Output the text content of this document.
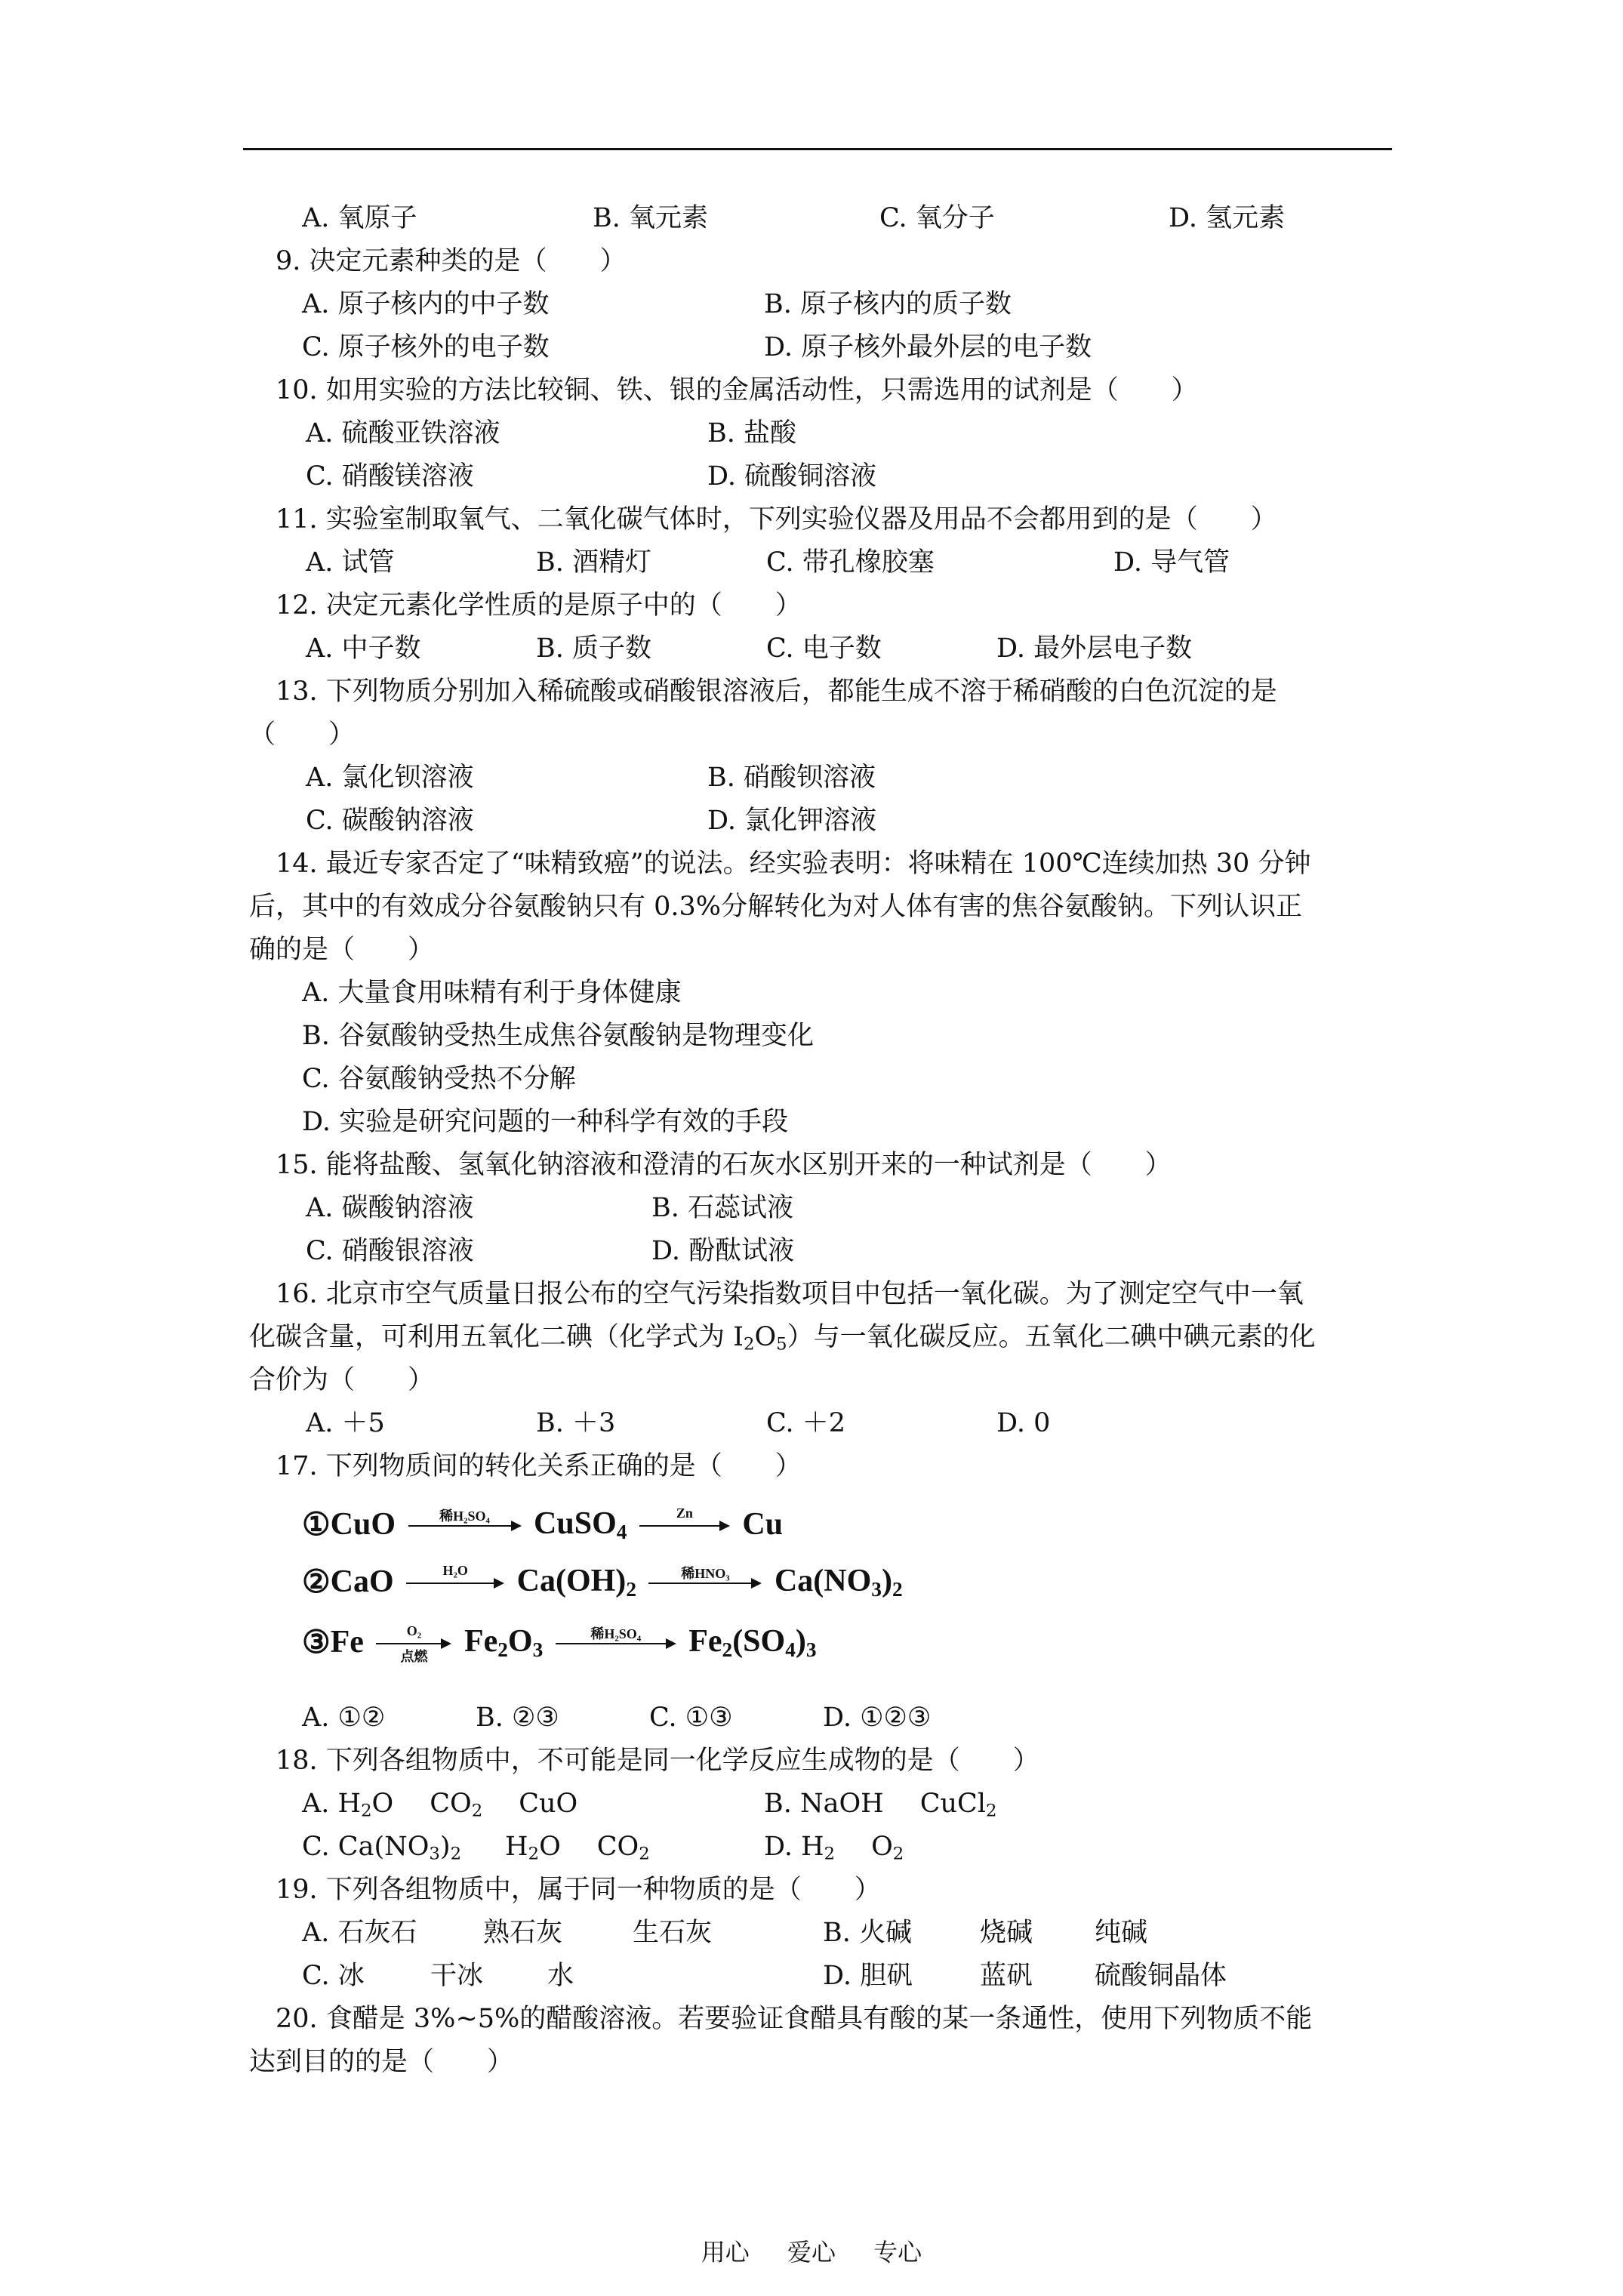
A. 氧原子	B. 氧元素	C. 氧分子	D. 氢元素
9. 决定元素种类的是（　　）
A. 原子核内的中子数	B. 原子核内的质子数
C. 原子核外的电子数	D. 原子核外最外层的电子数
10. 如用实验的方法比较铜、铁、银的金属活动性，只需选用的试剂是（　　）
A. 硫酸亚铁溶液	B. 盐酸
C. 硝酸镁溶液	D. 硫酸铜溶液
11. 实验室制取氧气、二氧化碳气体时，下列实验仪器及用品不会都用到的是（　　）
A. 试管	B. 酒精灯	C. 带孔橡胶塞	D. 导气管
12. 决定元素化学性质的是原子中的（　　）
A. 中子数	B. 质子数	C. 电子数	D. 最外层电子数
13. 下列物质分别加入稀硫酸或硝酸银溶液后，都能生成不溶于稀硝酸的白色沉淀的是
（　　）
A. 氯化钡溶液	B. 硝酸钡溶液
C. 碳酸钠溶液	D. 氯化钾溶液
14. 最近专家否定了“味精致癌”的说法。经实验表明：将味精在 100℃连续加热 30 分钟
后，其中的有效成分谷氨酸钠只有 0.3%分解转化为对人体有害的焦谷氨酸钠。下列认识正
确的是（　　）
A. 大量食用味精有利于身体健康
B. 谷氨酸钠受热生成焦谷氨酸钠是物理变化
C. 谷氨酸钠受热不分解
D. 实验是研究问题的一种科学有效的手段
15. 能将盐酸、氢氧化钠溶液和澄清的石灰水区别开来的一种试剂是（　　）
A. 碳酸钠溶液	B. 石蕊试液
C. 硝酸银溶液	D. 酚酞试液
16. 北京市空气质量日报公布的空气污染指数项目中包括一氧化碳。为了测定空气中一氧
化碳含量，可利用五氧化二碘（化学式为 $I_2O_5$）与一氧化碳反应。五氧化二碘中碘元素的化
合价为（　　）
A. ＋5	B. ＋3	C. ＋2	D. 0
17. 下列物质间的转化关系正确的是（　　）
①CuO	稀H₂SO₄	CuSO$_4$
Zn	Cu
②CaO	H₂O	$Ca(OH)_2$
稀HNO₃	$Ca(NO_3)_2$
③Fe	O₂
点燃	$Fe_2O_3$
稀H₂SO₄	$Fe_2(SO_4)_3$
A. ①②	B. ②③	C. ①③	D. ①②③
18. 下列各组物质中，不可能是同一化学反应生成物的是（　　）
A. $H_2O$ $CO_2$ CuO	B. NaOH CuCl$_2$
C. $Ca(NO_3)_2$ $H_2O$ $CO_2$	D. $H_2$ $O_2$
19. 下列各组物质中，属于同一种物质的是（　　）
A. 石灰石 熟石灰	生石灰	B. 火碱	烧碱 纯碱
C. 冰 干冰 水	D. 胆矾	蓝矾 硫酸铜晶体
20. 食醋是 3%~5%的醋酸溶液。若要验证食醋具有酸的某一条通性，使用下列物质不能
达到目的的是（　　）
用心 爱心 专心
